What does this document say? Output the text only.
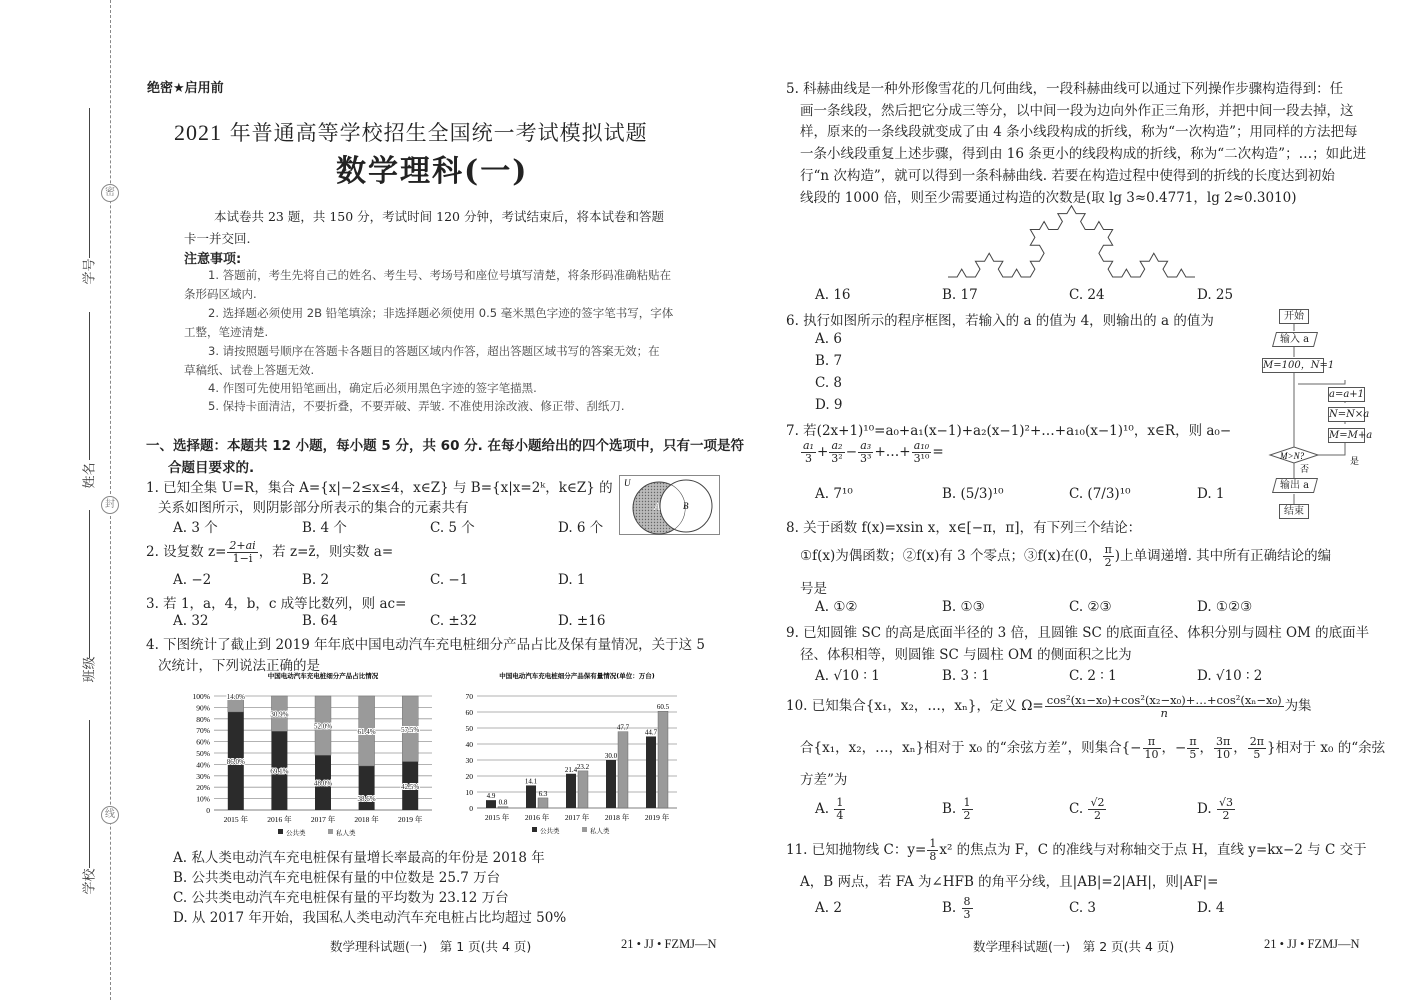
密
封
线
学号
姓名
班级
学校
绝密★启用前
2021 年普通高等学校招生全国统一考试模拟试题
数学理科(一)
本试卷共 23 题，共 150 分，考试时间 120 分钟，考试结束后，将本试卷和答题
卡一并交回.
注意事项:
1. 答题前，考生先将自己的姓名、考生号、考场号和座位号填写清楚，将条形码准确粘贴在
条形码区域内.
2. 选择题必须使用 2B 铅笔填涂；非选择题必须使用 0.5 毫米黑色字迹的签字笔书写，字体
工整，笔迹清楚.
3. 请按照题号顺序在答题卡各题目的答题区域内作答，超出答题区域书写的答案无效；在
草稿纸、试卷上答题无效.
4. 作图可先使用铅笔画出，确定后必须用黑色字迹的签字笔描黑.
5. 保持卡面清洁，不要折叠，不要弄破、弄皱. 不准使用涂改液、修正带、刮纸刀.
一、选择题：本题共 12 小题，每小题 5 分，共 60 分. 在每小题给出的四个选项中，只有一项是符
合题目要求的.
1. 已知全集 U=R，集合 A={x|−2≤x≤4，x∈Z} 与 B={x|x=2ᵏ，k∈Z} 的
关系如图所示，则阴影部分所表示的集合的元素共有
A. 3 个	B. 4 个	C. 5 个	D. 6 个
2. 设复数 $z= \frac{2+ai}{1-i}$ ，若 z=z̄，则实数 a=
A. −2	B. 2	C. −1	D. 1
3. 若 1，a，4，b，c 成等比数列，则 ac=
A. 32	B. 64	C. ±32	D. ±16
4. 下图统计了截止到 2019 年年底中国电动汽车充电桩细分产品占比及保有量情况，关于这 5
次统计，下列说法正确的是
A. 私人类电动汽车充电桩保有量增长率最高的年份是 2018 年
B. 公共类电动汽车充电桩保有量的中位数是 25.7 万台
C. 公共类电动汽车充电桩保有量的平均数为 23.12 万台
D. 从 2017 年开始，我国私人类电动汽车充电桩占比均超过 50%
数学理科试题(一)　第 1 页(共 4 页)	21 • JJ • FZMJ—N
U
A	B
中国电动汽车充电桩细分产品占比情况
0
10%
20%
30%
40%
50%
60%
70%
80%
90%
100%
2015 年
86.0%
14.0%
2016 年
69.1%
30.9%
2017 年
48.0%
52.0%
2018 年
38.6%
61.4%
2019 年
42.5%
57.5%
公共类	私人类
中国电动汽车充电桩细分产品保有量情况(单位：万台)
0
10
20
30
40
50
60
70
2015 年
4.9
0.8
2016 年
14.1
6.3
2017 年
21.4 23.2
2018 年
30.0
47.7
2019 年
44.7
60.5
公共类	私人类
5. 科赫曲线是一种外形像雪花的几何曲线，一段科赫曲线可以通过下列操作步骤构造得到：任
画一条线段，然后把它分成三等分，以中间一段为边向外作正三角形，并把中间一段去掉，这
样，原来的一条线段就变成了由 4 条小线段构成的折线，称为“一次构造”；用同样的方法把每
一条小线段重复上述步骤，得到由 16 条更小的线段构成的折线，称为“二次构造”；…；如此进
行“n 次构造”，就可以得到一条科赫曲线. 若要在构造过程中使得到的折线的长度达到初始
线段的 1000 倍，则至少需要通过构造的次数是(取 lg 3≈0.4771，lg 2≈0.3010)
A. 16	B. 17	C. 24	D. 25
6. 执行如图所示的程序框图，若输入的 a 的值为 4，则输出的 a 的值为
A. 6
B. 7
C. 8
D. 9
7. 若(2x+1)¹⁰=a₀+a₁(x−1)+a₂(x−1)²+…+a₁₀(x−1)¹⁰，x∈R，则 a₀−
$\frac{\text{a₁}}{3} + \frac{\text{a₂}}{\text{3²}} - \frac{\text{a₃}}{\text{3³}}$ +…+ $\frac{\text{a₁₀}}{\text{3¹⁰}}$ =
A. 7¹⁰	B. (5/3)¹⁰	C. (7/3)¹⁰	D. 1
8. 关于函数 f(x)=xsin x，x∈[−π，π]，有下列三个结论：
①f(x)为偶函数；②f(x)有 3 个零点；③f(x)在(0， $\frac{\pi}{2}$ )上单调递增. 其中所有正确结论的编
号是
A. ①②	B. ①③	C. ②③	D. ①②③
9. 已知圆锥 SC 的高是底面半径的 3 倍，且圆锥 SC 的底面直径、体积分别与圆柱 OM 的底面半
径、体积相等，则圆锥 SC 与圆柱 OM 的侧面积之比为
A. √10 ∶ 1	B. 3 ∶ 1	C. 2 ∶ 1	D. √10 ∶ 2
10. 已知集合{x₁，x₂，…，xₙ}，定义 $\Omega= \frac{\text{cos²(x₁−x₀)+cos²(x₂−x₀)+…+cos²(xₙ−x₀)}}{n}$ 为集
合{x₁，x₂，…，xₙ}相对于 x₀ 的“余弦方差”，则集合{− $\frac{\pi}{10}$ ，− $\frac{\pi}{5}$ ， $\frac{3\pi}{10}$ ， $\frac{2\pi}{5}$ }相对于 x₀ 的“余弦
方差”为
A. $\frac{1}{4}$	B. $\frac{1}{2}$	C. $\frac{√2}{2}$	D. $\frac{√3}{2}$
11. 已知抛物线 C：$y= \frac{1}{8} x^2$ 的焦点为 F，C 的准线与对称轴交于点 H，直线 y=kx−2 与 C 交于
A，B 两点，若 FA 为∠HFB 的角平分线，且|AB|=2|AH|，则|AF|=
A. 2	B. $\frac{8}{3}$	C. 3	D. 4
数学理科试题(一)　第 2 页(共 4 页)	21 • JJ • FZMJ—N
M>N?	是
否
开始
输入 a
M=100，N=1
a=a+1
N=N×a
M=M+a
输出 a
结束
